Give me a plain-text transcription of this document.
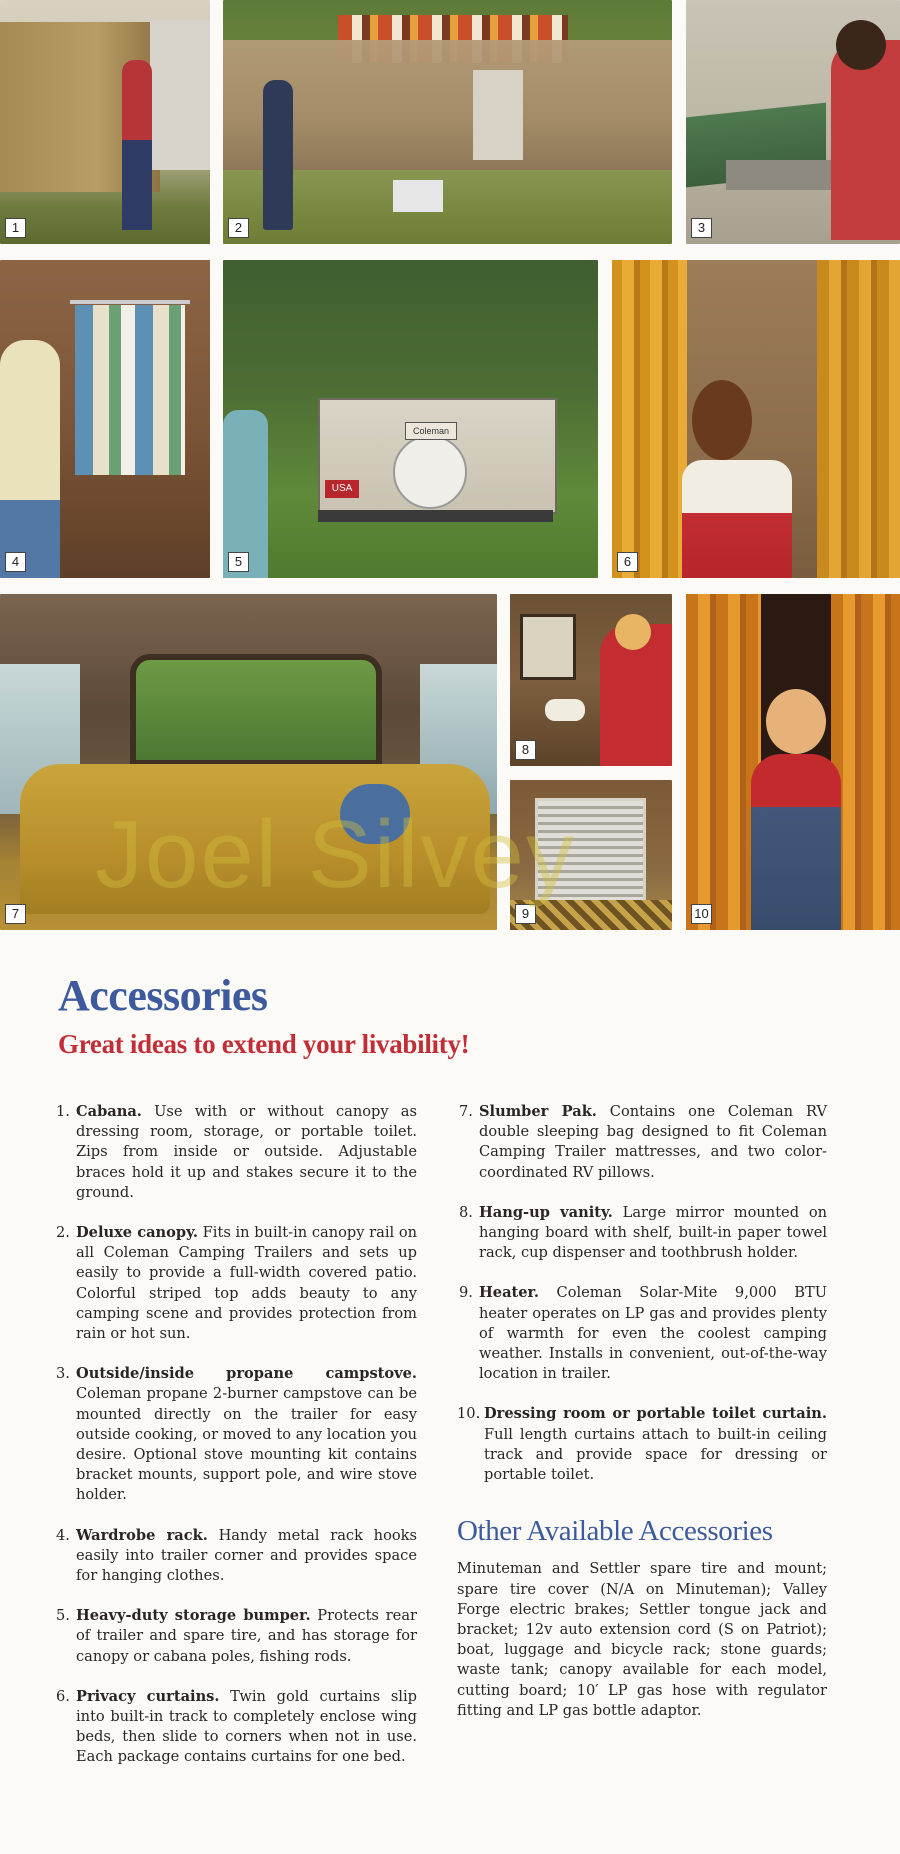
1	2	3
4
USA
Coleman
5	6
7
8
9	10
Joel Silvey
Accessories
Great ideas to extend your livability!
1. Cabana. Use with or without canopy as dressing room, storage, or portable toilet. Zips from inside or outside. Adjustable braces hold it up and stakes secure it to the ground.
2. Deluxe canopy. Fits in built-in canopy rail on all Coleman Camping Trailers and sets up easily to provide a full-width covered patio. Colorful striped top adds beauty to any camping scene and provides protection from rain or hot sun.
3. Outside/inside propane campstove. Coleman propane 2-burner campstove can be mounted directly on the trailer for easy outside cooking, or moved to any location you desire. Optional stove mounting kit contains bracket mounts, support pole, and wire stove holder.
4. Wardrobe rack. Handy metal rack hooks easily into trailer corner and provides space for hanging clothes.
5. Heavy-duty storage bumper. Protects rear of trailer and spare tire, and has storage for canopy or cabana poles, fishing rods.
6. Privacy curtains. Twin gold curtains slip into built-in track to completely enclose wing beds, then slide to corners when not in use. Each package contains curtains for one bed.
7. Slumber Pak. Contains one Coleman RV double sleeping bag designed to fit Coleman Camping Trailer mattresses, and two color-coordinated RV pillows.
8. Hang-up vanity. Large mirror mounted on hanging board with shelf, built-in paper towel rack, cup dispenser and toothbrush holder.
9. Heater. Coleman Solar-Mite 9,000 BTU heater operates on LP gas and provides plenty of warmth for even the coolest camping weather. Installs in convenient, out-of-the-way location in trailer.
10. Dressing room or portable toilet curtain. Full length curtains attach to built-in ceiling track and provide space for dressing or portable toilet.
Other Available Accessories
Minuteman and Settler spare tire and mount; spare tire cover (N/A on Minuteman); Valley Forge electric brakes; Settler tongue jack and bracket; 12v auto extension cord (S on Patriot); boat, luggage and bicycle rack; stone guards; waste tank; canopy available for each model, cutting board; 10′ LP gas hose with regulator fitting and LP gas bottle adaptor.
